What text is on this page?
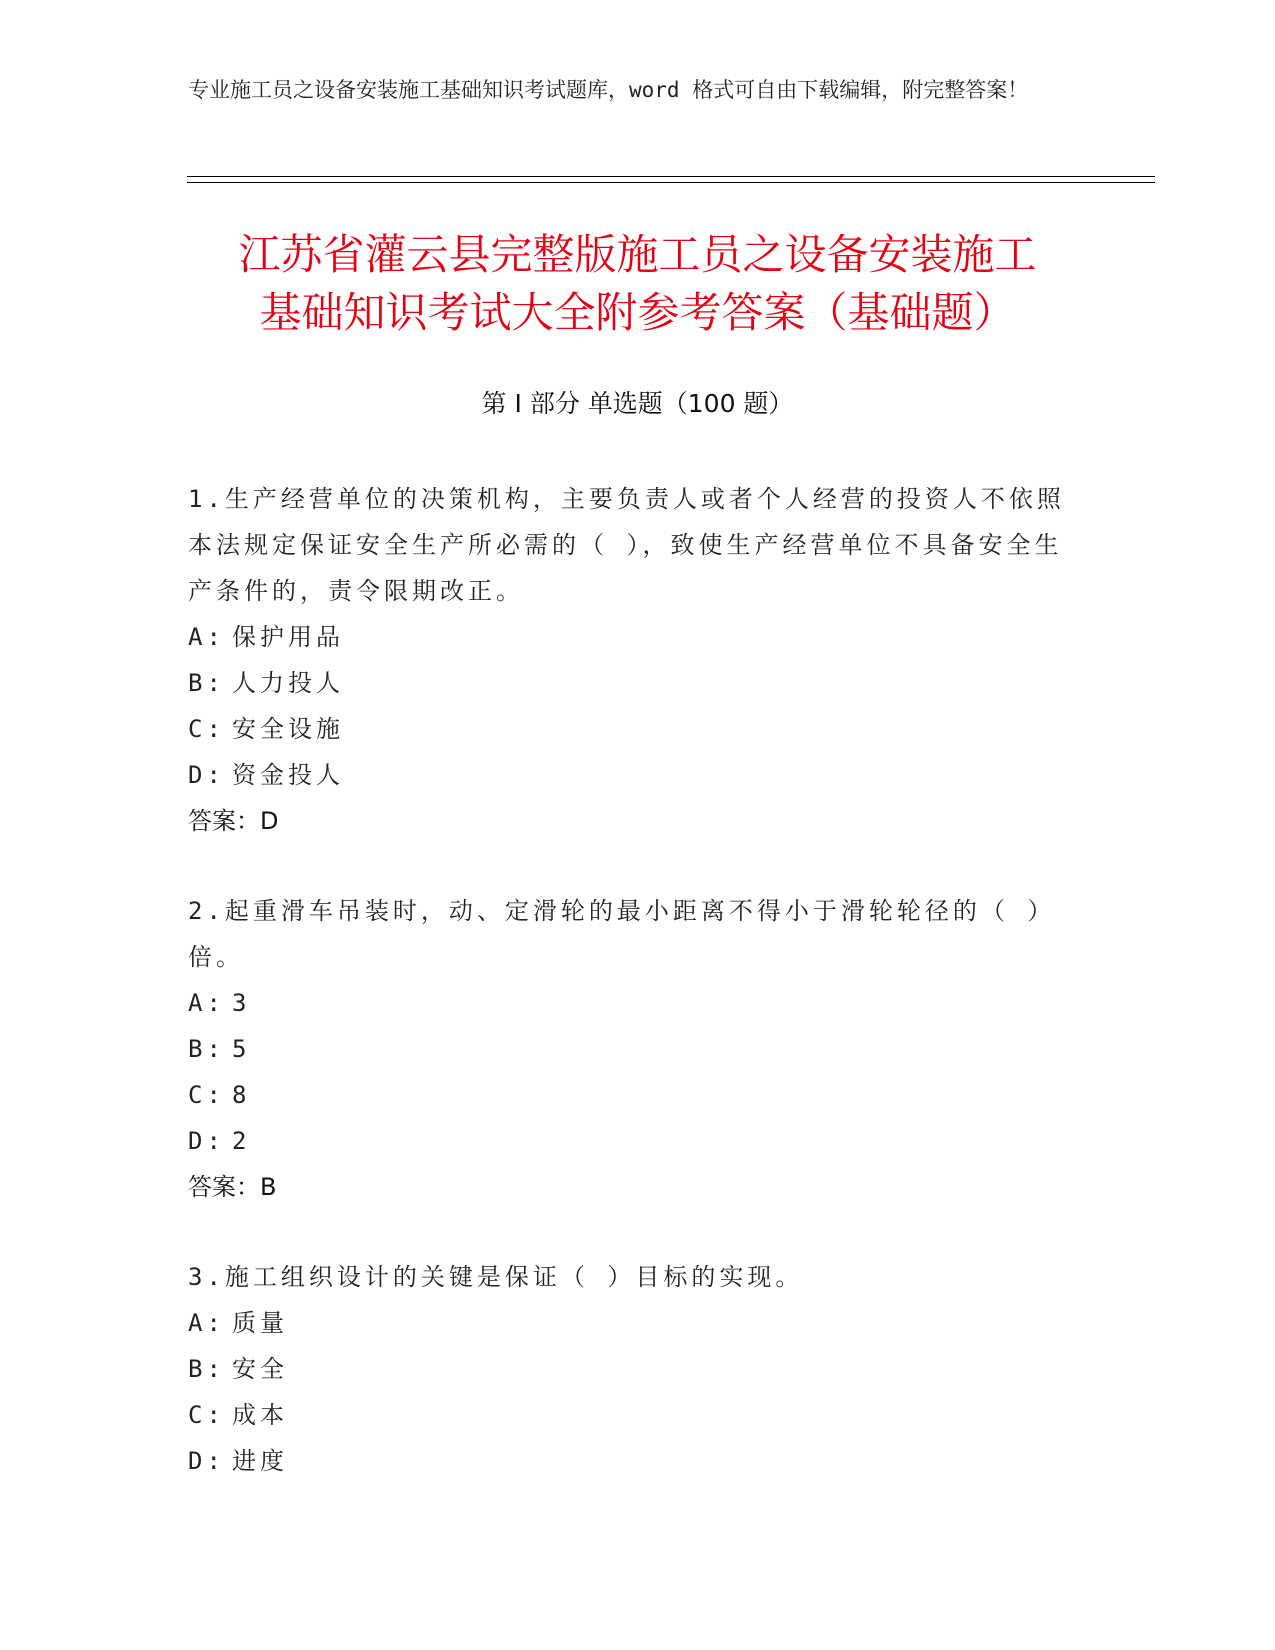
专业施工员之设备安装施工基础知识考试题库，word 格式可自由下载编辑，附完整答案！
江苏省灌云县完整版施工员之设备安装施工
基础知识考试大全附参考答案（基础题）
第 I 部分 单选题（100 题）

1.生产经营单位的决策机构，主要负责人或者个人经营的投资人不依照本法规定保证安全生产所必需的（ ），致使生产经营单位不具备安全生产条件的，责令限期改正。

A: 保护用品

B: 人力投人

C: 安全设施

D: 资金投人

答案：D

2.起重滑车吊装时，动、定滑轮的最小距离不得小于滑轮轮径的（ ）倍。

A: 3

B: 5

C: 8

D: 2

答案：B

3.施工组织设计的关键是保证（ ）目标的实现。

A: 质量

B: 安全

C: 成本

D: 进度
